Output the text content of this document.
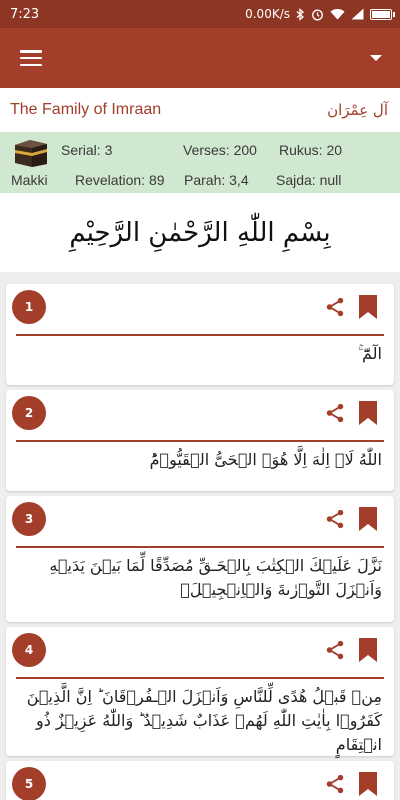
7:23	0.00K/s
The Family of Imraan	آل عِمْرَان
Serial: 3	Verses: 200 Rukus: 20
Makki Revelation: 89 Parah: 3,4 Sajda: null
بِسْمِ اللّٰهِ الرَّحْمٰنِ الرَّحِيْمِ
1
الٓمّٓ ۚ
2
اللّٰهُ لَاۤ اِلٰهَ اِلَّا هُوَۙ الۡحَىُّ الۡقَيُّوۡمُؕ
3
نَزَّلَ عَلَيۡكَ الۡكِتٰبَ بِالۡحَـقِّ مُصَدِّقًا لِّمَا بَيۡنَ يَدَيۡهِ وَاَنۡزَلَ التَّوۡرٰٮةَ وَالۡاِنۡجِيۡلَۙ
4
مِنۡ قَبۡلُ هُدًى لِّلنَّاسِ وَاَنۡزَلَ الۡـفُرۡقَانَ ؕ اِنَّ الَّذِيۡنَ كَفَرُوۡا بِاٰيٰتِ اللّٰهِ لَهُمۡ عَذَابٌ شَدِيۡدٌ ؕ وَاللّٰهُ عَزِيۡزٌ ذُو انۡتِقَامٍ
5
